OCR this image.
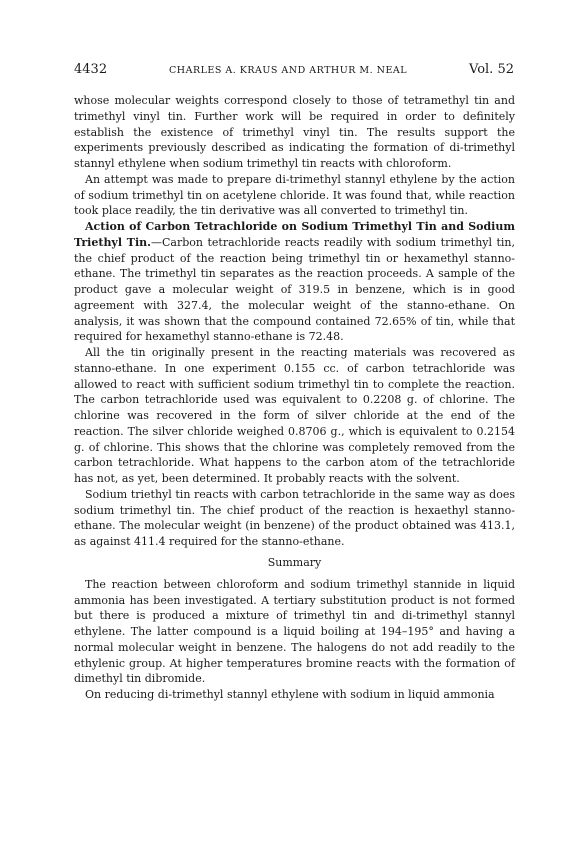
4432	CHARLES A. KRAUS AND ARTHUR M. NEAL	Vol. 52

whose molecular weights correspond closely to those of tetramethyl tin and trimethyl vinyl tin. Further work will be required in order to definitely establish the existence of trimethyl vinyl tin. The results support the experiments previously described as indicating the formation of di-trimethyl stannyl ethylene when sodium trimethyl tin reacts with chloroform.

An attempt was made to prepare di-trimethyl stannyl ethylene by the action of sodium trimethyl tin on acetylene chloride. It was found that, while reaction took place readily, the tin derivative was all converted to trimethyl tin.

Action of Carbon Tetrachloride on Sodium Trimethyl Tin and Sodium Triethyl Tin.—Carbon tetrachloride reacts readily with sodium trimethyl tin, the chief product of the reaction being trimethyl tin or hexamethyl stanno-ethane. The trimethyl tin separates as the reaction proceeds. A sample of the product gave a molecular weight of 319.5 in benzene, which is in good agreement with 327.4, the molecular weight of the stanno-ethane. On analysis, it was shown that the compound contained 72.65% of tin, while that required for hexamethyl stanno-ethane is 72.48.

All the tin originally present in the reacting materials was recovered as stanno-ethane. In one experiment 0.155 cc. of carbon tetrachloride was allowed to react with sufficient sodium trimethyl tin to complete the reaction. The carbon tetrachloride used was equivalent to 0.2208 g. of chlorine. The chlorine was recovered in the form of silver chloride at the end of the reaction. The silver chloride weighed 0.8706 g., which is equivalent to 0.2154 g. of chlorine. This shows that the chlorine was completely removed from the carbon tetrachloride. What happens to the carbon atom of the tetrachloride has not, as yet, been determined. It probably reacts with the solvent.

Sodium triethyl tin reacts with carbon tetrachloride in the same way as does sodium trimethyl tin. The chief product of the reaction is hexaethyl stanno-ethane. The molecular weight (in benzene) of the product obtained was 413.1, as against 411.4 required for the stanno-ethane.

Summary

The reaction between chloroform and sodium trimethyl stannide in liquid ammonia has been investigated. A tertiary substitution product is not formed but there is produced a mixture of trimethyl tin and di-trimethyl stannyl ethylene. The latter compound is a liquid boiling at 194–195° and having a normal molecular weight in benzene. The halogens do not add readily to the ethylenic group. At higher temperatures bromine reacts with the formation of dimethyl tin dibromide.

On reducing di-trimethyl stannyl ethylene with sodium in liquid ammonia
